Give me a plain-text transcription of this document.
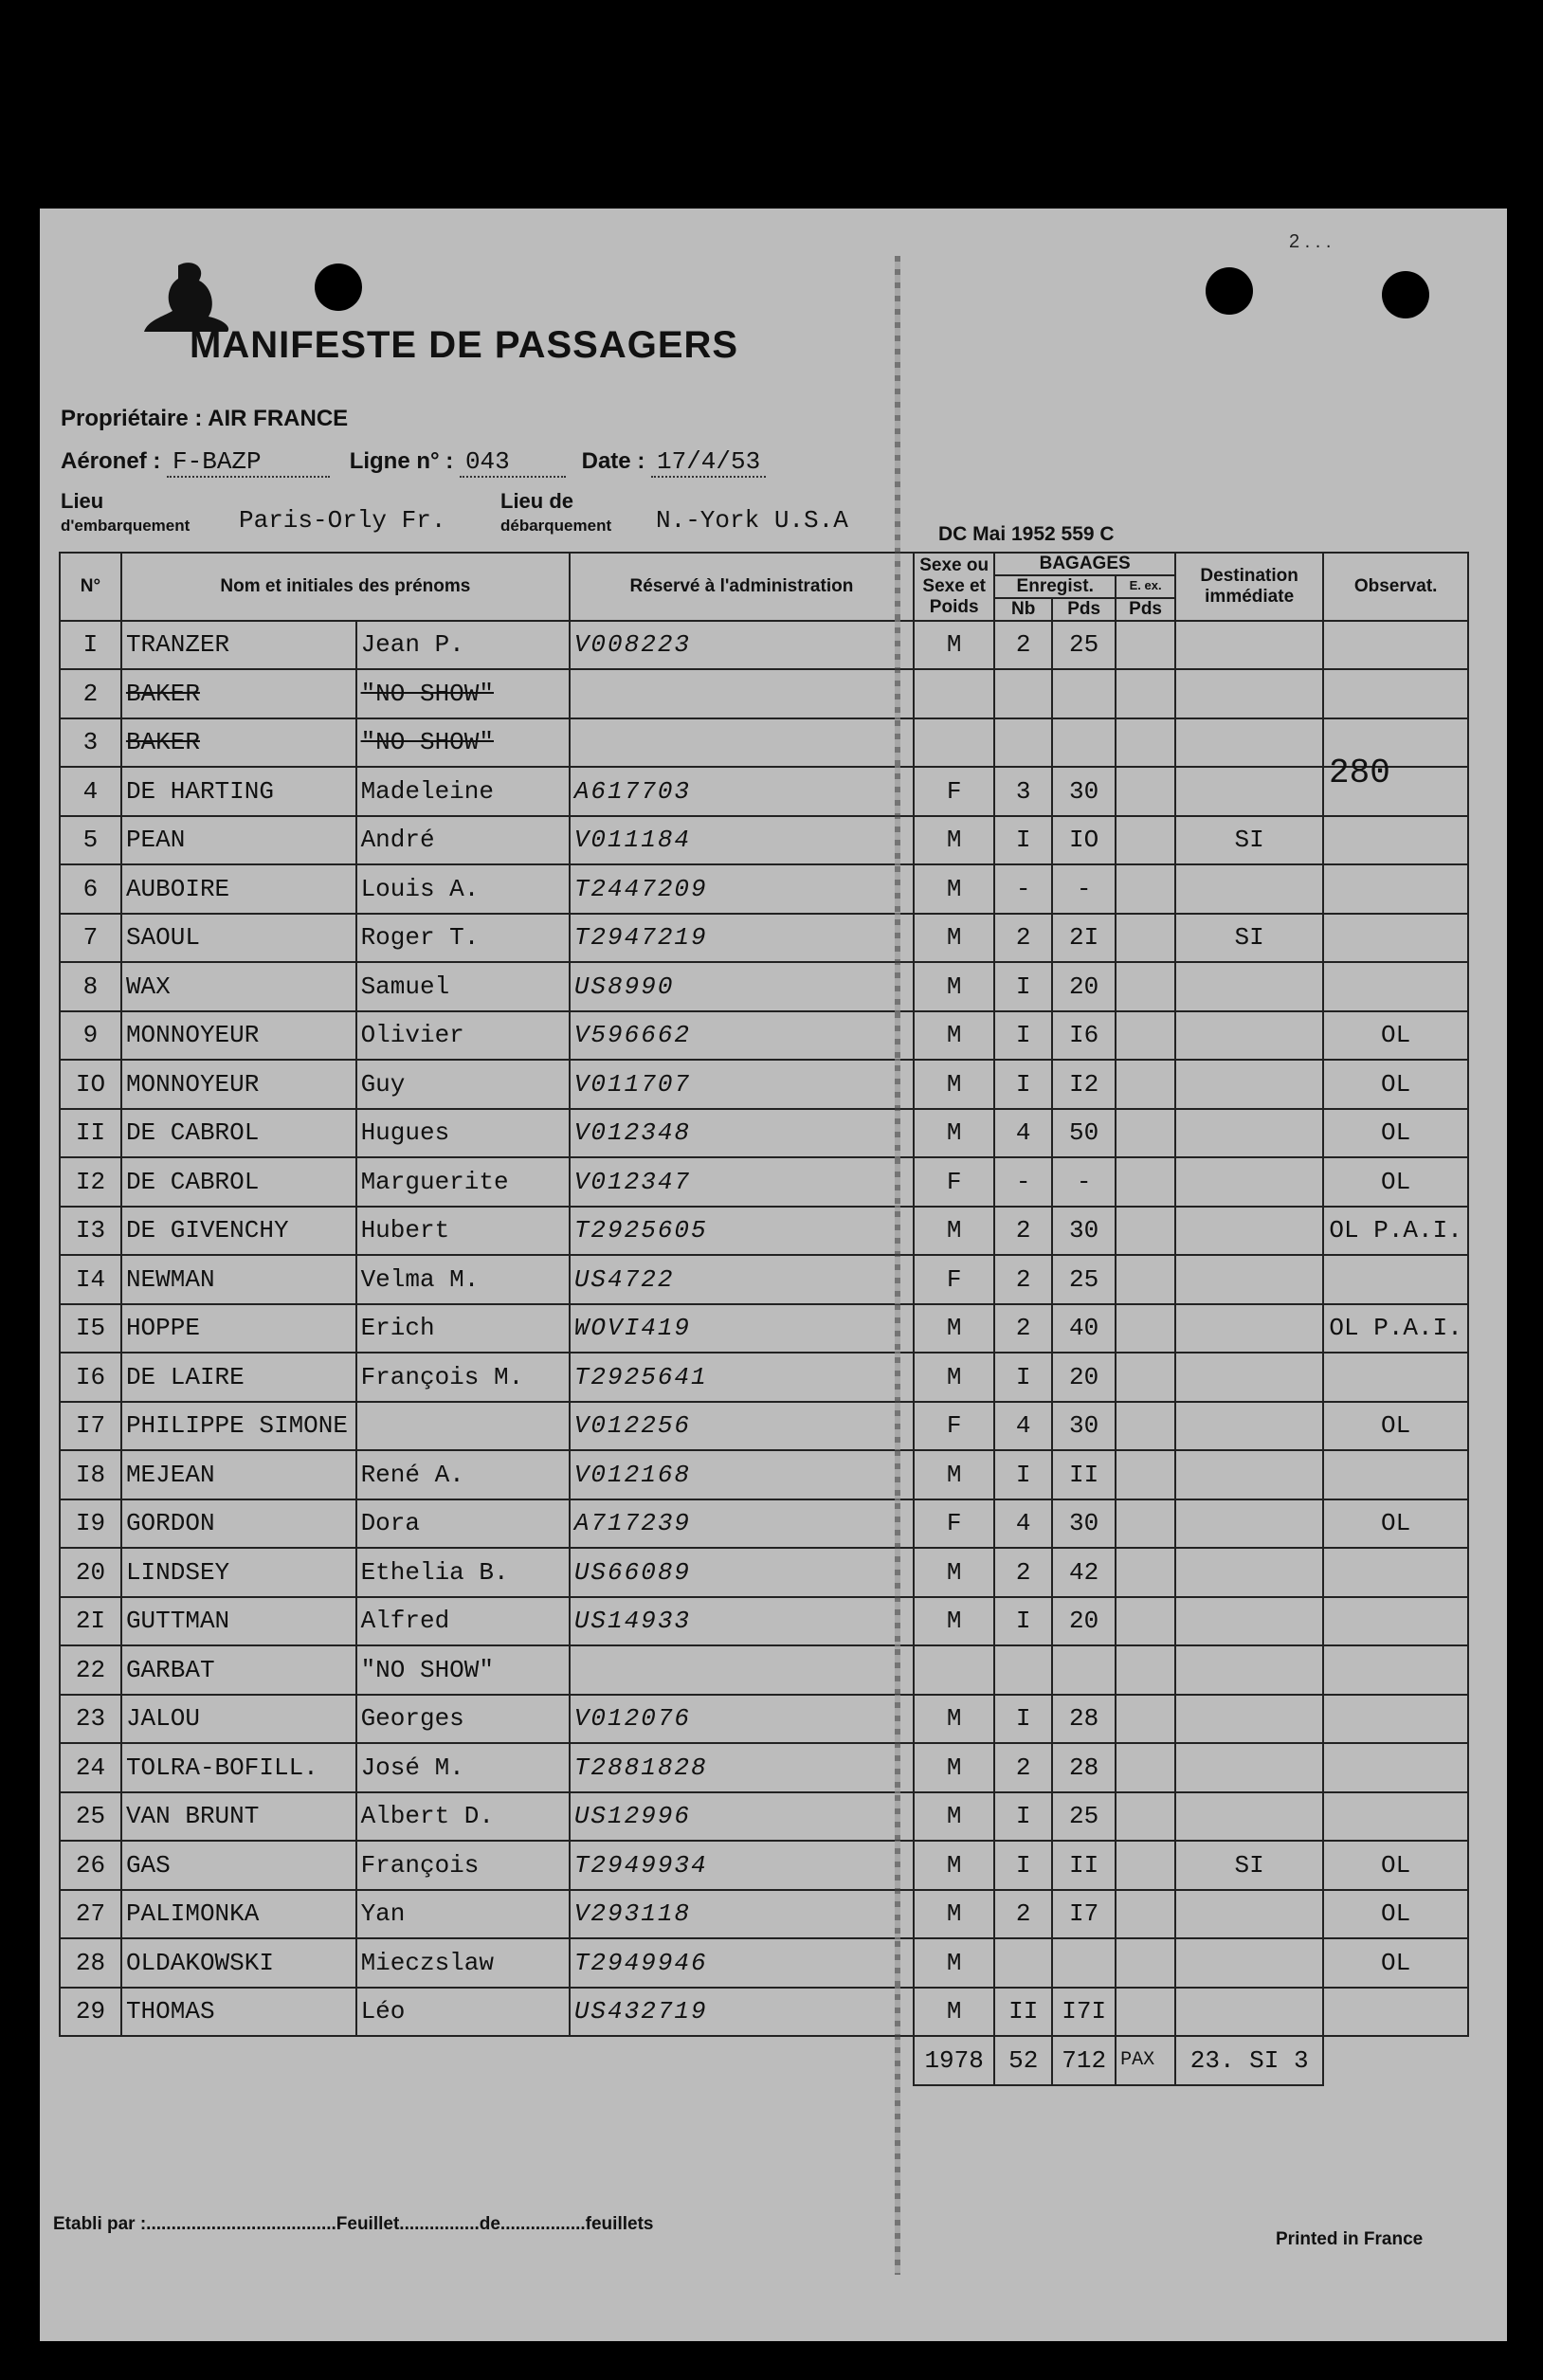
2 . . .
MANIFESTE DE PASSAGERS
Propriétaire : AIR FRANCE
Aéronef : F-BAZP	Ligne n° : 043	Date : 17/4/53
Lieu
d'embarquement Paris-Orly Fr.
Lieu de
débarquement N.-York U.S.A	DC Mai 1952 559 C
N°	Nom et initiales des prénoms		Réservé à l'administration	Sexe ou Sexe et Poids	BAGAGES			Destination immédiate	Observat.
					Enregist.		E. ex.		
					Nb	Pds	Pds		
I	TRANZER	Jean P.	V008223	M	2	25			
2	BAKER	"NO SHOW"							
3	BAKER	"NO SHOW"							
4	DE HARTING	Madeleine	A617703	F	3	30			
5	PEAN	André	V011184	M	I	IO		SI	
6	AUBOIRE	Louis A.	T2447209	M	-	-			
7	SAOUL	Roger T.	T2947219	M	2	2I		SI	
8	WAX	Samuel	US8990	M	I	20			
9	MONNOYEUR	Olivier	V596662	M	I	I6			OL
IO	MONNOYEUR	Guy	V011707	M	I	I2			OL
II	DE CABROL	Hugues	V012348	M	4	50			OL
I2	DE CABROL	Marguerite	V012347	F	-	-			OL
I3	DE GIVENCHY	Hubert	T2925605	M	2	30			OL P.A.I.
I4	NEWMAN	Velma M.	US4722	F	2	25			
I5	HOPPE	Erich	WOVI419	M	2	40			OL P.A.I.
I6	DE LAIRE	François M.	T2925641	M	I	20			
I7	PHILIPPE SIMONE		V012256	F	4	30			OL
I8	MEJEAN	René A.	V012168	M	I	II			
I9	GORDON	Dora	A717239	F	4	30			OL
20	LINDSEY	Ethelia B.	US66089	M	2	42			
2I	GUTTMAN	Alfred	US14933	M	I	20			
22	GARBAT	"NO SHOW"							
23	JALOU	Georges	V012076	M	I	28			
24	TOLRA-BOFILL.	José M.	T2881828	M	2	28			
25	VAN BRUNT	Albert D.	US12996	M	I	25			
26	GAS	François	T2949934	M	I	II		SI	OL
27	PALIMONKA	Yan	V293118	M	2	I7			OL
28	OLDAKOWSKI	Mieczslaw	T2949946	M					OL
29	THOMAS	Léo	US432719	M	II	I7I			
				1978	52	712	PAX	23. SI 3	
280
Etabli par :......................................Feuillet................de.................feuillets
Printed in France
